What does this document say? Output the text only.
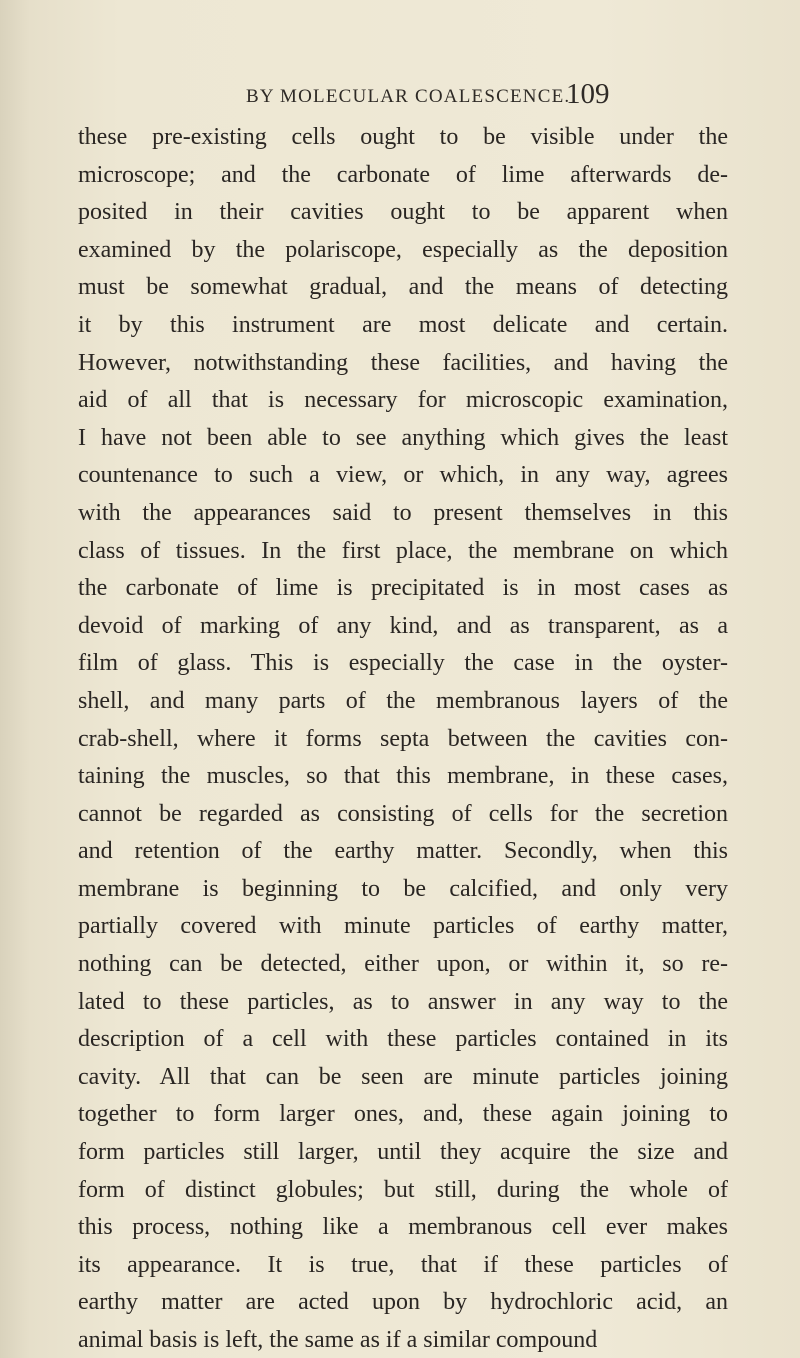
BY MOLECULAR COALESCENCE.
109
these pre-existing cells ought to be visible under the
microscope; and the carbonate of lime afterwards de-
posited in their cavities ought to be apparent when
examined by the polariscope, especially as the deposition
must be somewhat gradual, and the means of detecting
it by this instrument are most delicate and certain.
However, notwithstanding these facilities, and having the
aid of all that is necessary for microscopic examination,
I have not been able to see anything which gives the least
countenance to such a view, or which, in any way, agrees
with the appearances said to present themselves in this
class of tissues. In the first place, the membrane on which
the carbonate of lime is precipitated is in most cases as
devoid of marking of any kind, and as transparent, as a
film of glass. This is especially the case in the oyster-
shell, and many parts of the membranous layers of the
crab-shell, where it forms septa between the cavities con-
taining the muscles, so that this membrane, in these cases,
cannot be regarded as consisting of cells for the secretion
and retention of the earthy matter. Secondly, when this
membrane is beginning to be calcified, and only very
partially covered with minute particles of earthy matter,
nothing can be detected, either upon, or within it, so re-
lated to these particles, as to answer in any way to the
description of a cell with these particles contained in its
cavity. All that can be seen are minute particles joining
together to form larger ones, and, these again joining to
form particles still larger, until they acquire the size and
form of distinct globules; but still, during the whole of
this process, nothing like a membranous cell ever makes
its appearance. It is true, that if these particles of
earthy matter are acted upon by hydrochloric acid, an
animal basis is left, the same as if a similar compound
